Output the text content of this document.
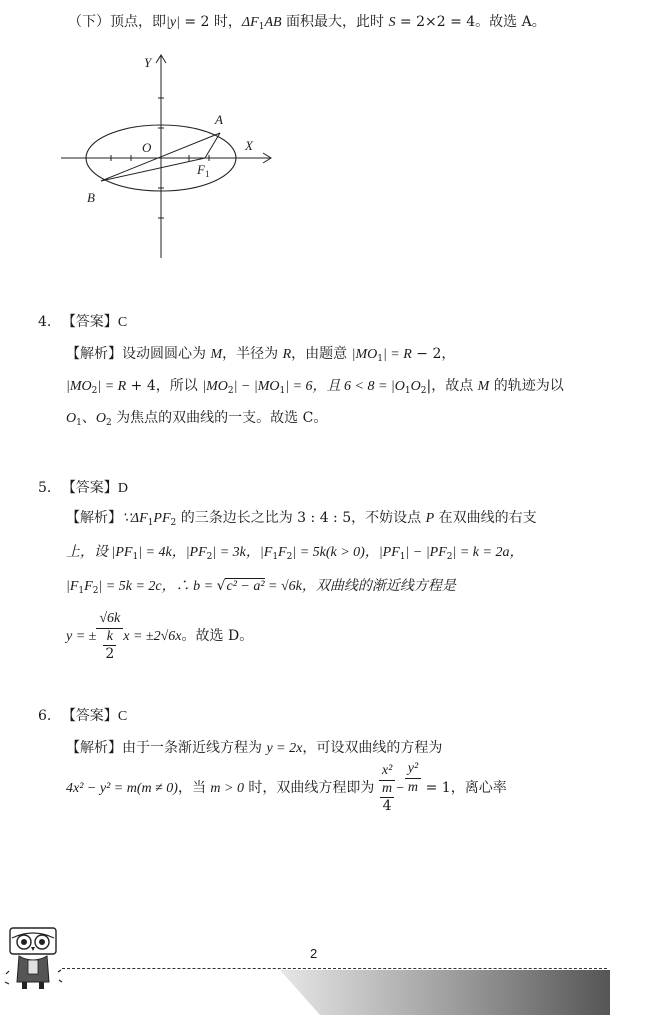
（下）顶点，即|y| = 2 时，$\Delta F_1AB$ 面积最大，此时 S = 2×2 = 4。故选 A。
Y
X
O
A
B
$F_1$
4. 【答案】C
【解析】设动圆圆心为 M，半径为 R，由题意 $|MO_1| = R - 2$，
$|MO_2| = R + 4$，所以 $|MO_2| - |MO_1| = 6$，且 $6 < 8 = |O_1O_2|$，故点 M 的轨迹为以
$O_1$、$O_2$ 为焦点的双曲线的一支。故选 C。
5. 【答案】D
【解析】$\because\Delta F_1PF_2$ 的三条边长之比为 3 : 4 : 5，不妨设点 P 在双曲线的右支
上，设 $|PF_1| = 4k$，$|PF_2| = 3k$，$|F_1F_2| = 5k(k > 0)$，$|PF_1| - |PF_2| = k = 2a$，
$|F_1F_2| = 5k = 2c$，∴ b = √c² − a² = √6k，双曲线的渐近线方程是
y = ± $\frac{√6k}{\frac{k}{2}}$ x = ±2√6x。故选 D。
6. 【答案】C
【解析】由于一条渐近线方程为 y = 2x，可设双曲线的方程为
4x² − y² = m(m ≠ 0)，当 m > 0 时，双曲线方程即为 $\frac{\text{x²}}{\frac{m}{4}} - \frac{\text{y²}}{m} = 1$，离心率
2
